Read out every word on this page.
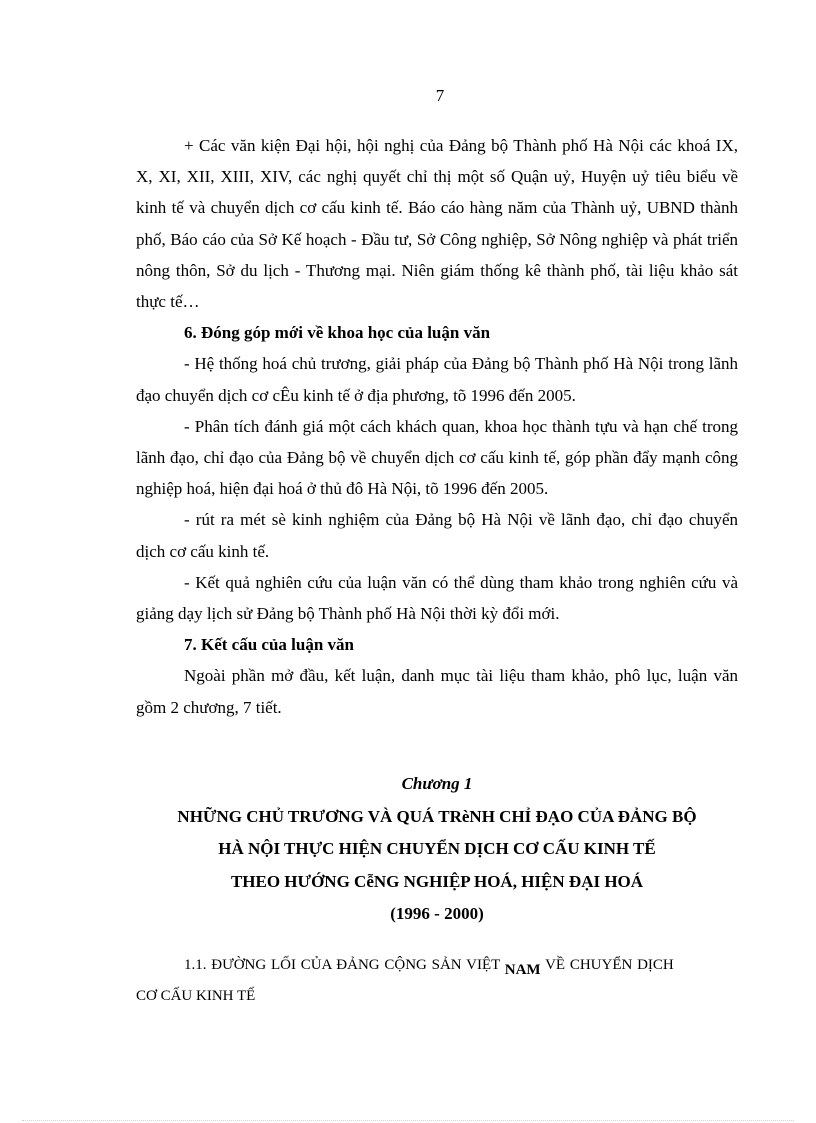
7

+ Các văn kiện Đại hội, hội nghị của Đảng bộ Thành phố Hà Nội các khoá IX, X, XI, XII, XIII, XIV, các nghị quyết chỉ thị một số Quận uỷ, Huyện uỷ tiêu biểu về kinh tế và chuyển dịch cơ cấu kinh tế. Báo cáo hàng năm của Thành uỷ, UBND thành phố, Báo cáo của Sở Kế hoạch - Đầu tư, Sở Công nghiệp, Sở Nông nghiệp và phát triển nông thôn, Sở du lịch - Thương mại. Niên giám thống kê thành phố, tài liệu khảo sát thực tế…

6. Đóng góp mới về khoa học của luận văn

- Hệ thống hoá chủ trương, giải pháp của Đảng bộ Thành phố Hà Nội trong lãnh đạo chuyển dịch cơ cÊu kinh tế ở địa phương, tõ 1996 đến 2005.

- Phân tích đánh giá một cách khách quan, khoa học thành tựu và hạn chế trong lãnh đạo, chỉ đạo của Đảng bộ về chuyển dịch cơ cấu kinh tế, góp phần đẩy mạnh công nghiệp hoá, hiện đại hoá ở thủ đô Hà Nội, tõ 1996 đến 2005.

- rút ra mét sè kinh nghiệm của Đảng bộ Hà Nội về lãnh đạo, chỉ đạo chuyển dịch cơ cấu kinh tế.

- Kết quả nghiên cứu của luận văn có thể dùng tham khảo trong nghiên cứu và giảng dạy lịch sử Đảng bộ Thành phố Hà Nội thời kỳ đổi mới.

7. Kết cấu của luận văn

Ngoài phần mở đầu, kết luận, danh mục tài liệu tham khảo, phô lục, luận văn gồm 2 chương, 7 tiết.

Chương 1
NHỮNG CHỦ TRƯƠNG VÀ QUÁ TRèNH CHỈ ĐẠO CỦA ĐẢNG BỘ
HÀ NỘI THỰC HIỆN CHUYỂN DỊCH CƠ CẤU KINH TẾ
THEO HƯỚNG CễNG NGHIỆP HOÁ, HIỆN ĐẠI HOÁ
(1996 - 2000)
1.1. ĐƯỜNG LỐI CỦA ĐẢNG CỘNG SẢN VIỆT NAM VỀ CHUYỂN DỊCH
CƠ CẤU KINH TẾ
